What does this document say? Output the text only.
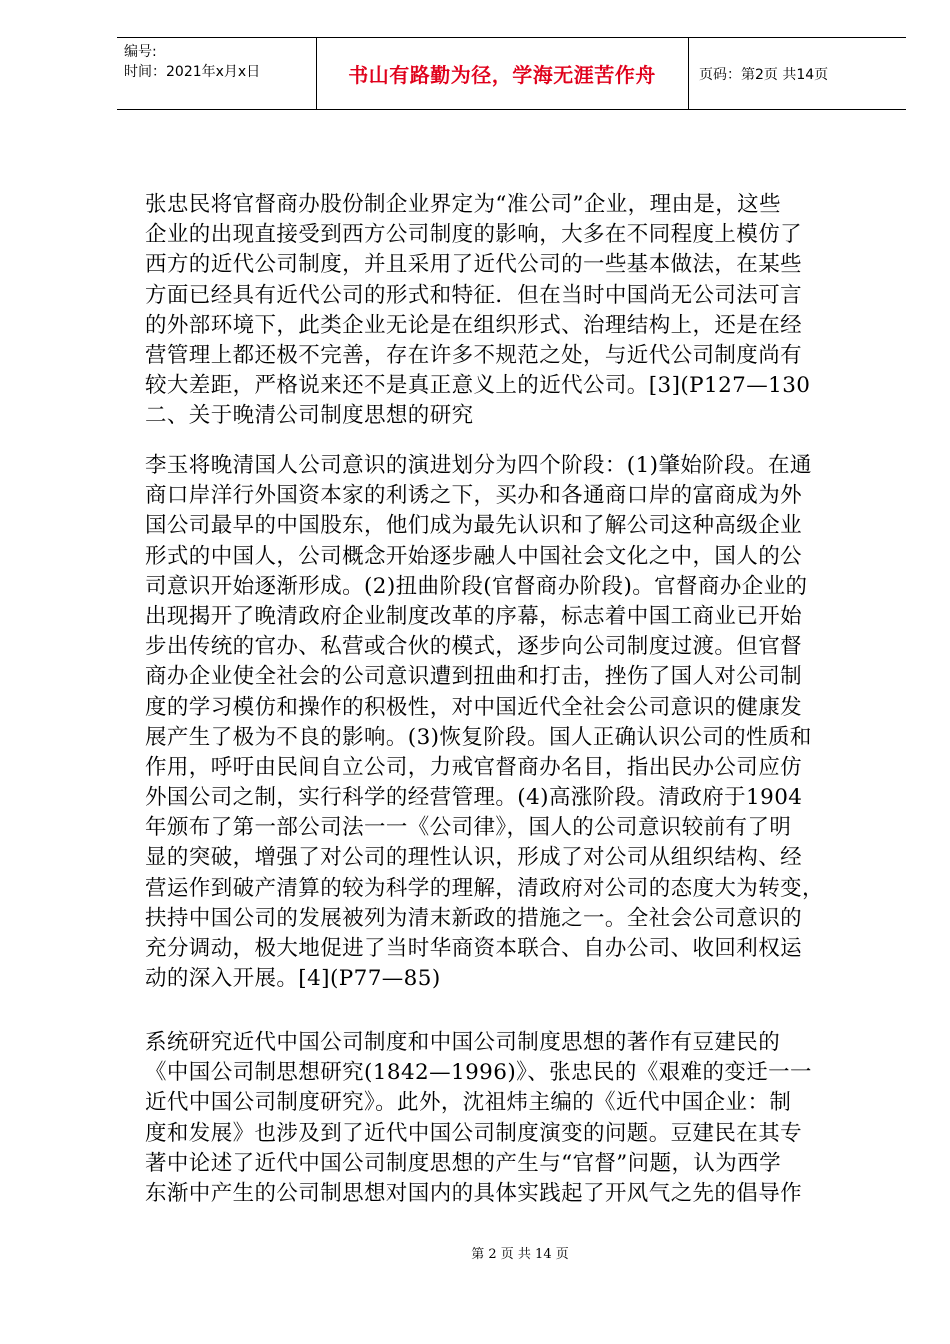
编号:
时间：2021年x月x日	书山有路勤为径，学海无涯苦作舟	页码：第2页 共14页
张忠民将官督商办股份制企业界定为“准公司”企业，理由是，这些
企业的出现直接受到西方公司制度的影响，大多在不同程度上模仿了
西方的近代公司制度，并且采用了近代公司的一些基本做法，在某些
方面已经具有近代公司的形式和特征．但在当时中国尚无公司法可言
的外部环境下，此类企业无论是在组织形式、治理结构上，还是在经
营管理上都还极不完善，存在许多不规范之处，与近代公司制度尚有
较大差距，严格说来还不是真正意义上的近代公司。[3](P127—130
二、关于晚清公司制度思想的研究
李玉将晚清国人公司意识的演进划分为四个阶段：(1)肇始阶段。在通
商口岸洋行外国资本家的利诱之下，买办和各通商口岸的富商成为外
国公司最早的中国股东，他们成为最先认识和了解公司这种高级企业
形式的中国人，公司概念开始逐步融人中国社会文化之中，国人的公
司意识开始逐渐形成。(2)扭曲阶段(官督商办阶段)。官督商办企业的
出现揭开了晚清政府企业制度改革的序幕，标志着中国工商业已开始
步出传统的官办、私营或合伙的模式，逐步向公司制度过渡。但官督
商办企业使全社会的公司意识遭到扭曲和打击，挫伤了国人对公司制
度的学习模仿和操作的积极性，对中国近代全社会公司意识的健康发
展产生了极为不良的影响。(3)恢复阶段。国人正确认识公司的性质和
作用，呼吁由民间自立公司，力戒官督商办名目，指出民办公司应仿
外国公司之制，实行科学的经营管理。(4)高涨阶段。清政府于1904
年颁布了第一部公司法一一《公司律》，国人的公司意识较前有了明
显的突破，增强了对公司的理性认识，形成了对公司从组织结构、经
营运作到破产清算的较为科学的理解，清政府对公司的态度大为转变，
扶持中国公司的发展被列为清末新政的措施之一。全社会公司意识的
充分调动，极大地促进了当时华商资本联合、自办公司、收回利权运
动的深入开展。[4](P77—85)
系统研究近代中国公司制度和中国公司制度思想的著作有豆建民的
《中国公司制思想研究(1842—1996)》、张忠民的《艰难的变迁一一
近代中国公司制度研究》。此外，沈祖炜主编的《近代中国企业：制
度和发展》也涉及到了近代中国公司制度演变的问题。豆建民在其专
著中论述了近代中国公司制度思想的产生与“官督”问题，认为西学
东渐中产生的公司制思想对国内的具体实践起了开风气之先的倡导作
第 2 页 共 14 页
